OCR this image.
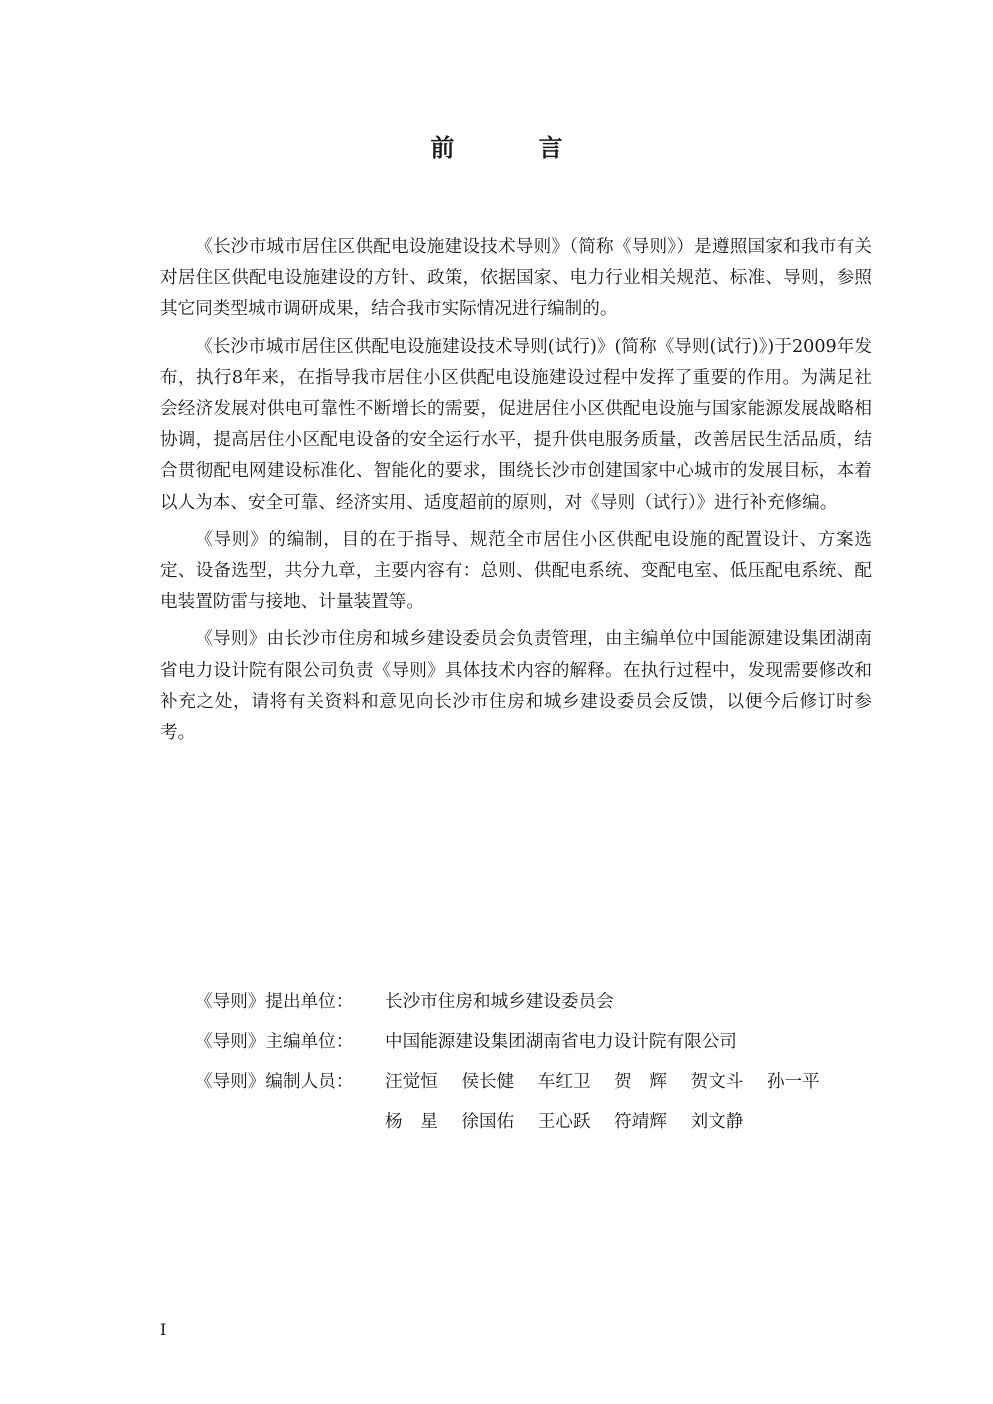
前　言

《长沙市城市居住区供配电设施建设技术导则》（简称《导则》）是遵照国家和我市有关对居住区供配电设施建设的方针、政策，依据国家、电力行业相关规范、标准、导则，参照其它同类型城市调研成果，结合我市实际情况进行编制的。

《长沙市城市居住区供配电设施建设技术导则(试行)》(简称《导则(试行)》)于2009年发布，执行8年来，在指导我市居住小区供配电设施建设过程中发挥了重要的作用。为满足社会经济发展对供电可靠性不断增长的需要，促进居住小区供配电设施与国家能源发展战略相协调，提高居住小区配电设备的安全运行水平，提升供电服务质量，改善居民生活品质，结合贯彻配电网建设标准化、智能化的要求，围绕长沙市创建国家中心城市的发展目标，本着以人为本、安全可靠、经济实用、适度超前的原则，对《导则（试行）》进行补充修编。

《导则》的编制，目的在于指导、规范全市居住小区供配电设施的配置设计、方案选定、设备选型，共分九章，主要内容有：总则、供配电系统、变配电室、低压配电系统、配电装置防雷与接地、计量装置等。

《导则》由长沙市住房和城乡建设委员会负责管理，由主编单位中国能源建设集团湖南省电力设计院有限公司负责《导则》具体技术内容的解释。在执行过程中，发现需要修改和补充之处，请将有关资料和意见向长沙市住房和城乡建设委员会反馈，以便今后修订时参考。

《导则》提出单位：	长沙市住房和城乡建设委员会
《导则》主编单位：	中国能源建设集团湖南省电力设计院有限公司
《导则》编制人员：	汪觉恒 侯长健 车红卫 贺　辉 贺文斗 孙一平
杨　星 徐国佑 王心跃 符靖辉 刘文静
I
